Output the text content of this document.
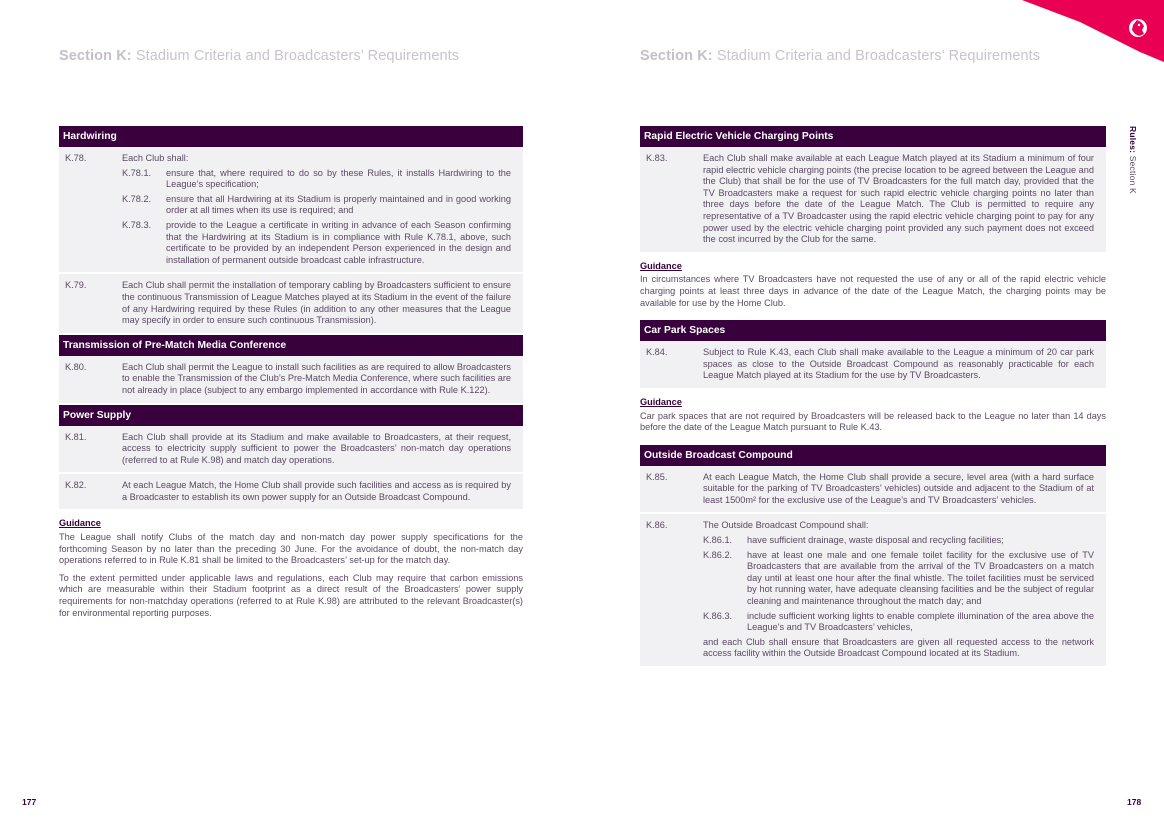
Section K: Stadium Criteria and Broadcasters’ Requirements	Section K: Stadium Criteria and Broadcasters’ Requirements
Rules: Section K
Hardwiring
K.78.	Each Club shall:
K.78.1.	ensure that, where required to do so by these Rules, it installs Hardwiring to the League’s specification;
K.78.2.	ensure that all Hardwiring at its Stadium is properly maintained and in good working order at all times when its use is required; and
K.78.3.	provide to the League a certificate in writing in advance of each Season confirming that the Hardwiring at its Stadium is in compliance with Rule K.78.1, above, such certificate to be provided by an independent Person experienced in the design and installation of permanent outside broadcast cable infrastructure.
K.79.	Each Club shall permit the installation of temporary cabling by Broadcasters sufficient to ensure the continuous Transmission of League Matches played at its Stadium in the event of the failure of any Hardwiring required by these Rules (in addition to any other measures that the League may specify in order to ensure such continuous Transmission).
Transmission of Pre-Match Media Conference
K.80.	Each Club shall permit the League to install such facilities as are required to allow Broadcasters to enable the Transmission of the Club’s Pre-Match Media Conference, where such facilities are not already in place (subject to any embargo implemented in accordance with Rule K.122).
Power Supply
K.81.	Each Club shall provide at its Stadium and make available to Broadcasters, at their request, access to electricity supply sufficient to power the Broadcasters’ non-match day operations (referred to at Rule K.98) and match day operations.
K.82.	At each League Match, the Home Club shall provide such facilities and access as is required by a Broadcaster to establish its own power supply for an Outside Broadcast Compound.
Guidance

The League shall notify Clubs of the match day and non-match day power supply specifications for the forthcoming Season by no later than the preceding 30 June. For the avoidance of doubt, the non-match day operations referred to in Rule K.81 shall be limited to the Broadcasters’ set-up for the match day.

To the extent permitted under applicable laws and regulations, each Club may require that carbon emissions which are measurable within their Stadium footprint as a direct result of the Broadcasters’ power supply requirements for non-matchday operations (referred to at Rule K.98) are attributed to the relevant Broadcaster(s) for environmental reporting purposes.

Rapid Electric Vehicle Charging Points
K.83.	Each Club shall make available at each League Match played at its Stadium a minimum of four rapid electric vehicle charging points (the precise location to be agreed between the League and the Club) that shall be for the use of TV Broadcasters for the full match day, provided that the TV Broadcasters make a request for such rapid electric vehicle charging points no later than three days before the date of the League Match. The Club is permitted to require any representative of a TV Broadcaster using the rapid electric vehicle charging point to pay for any power used by the electric vehicle charging point provided any such payment does not exceed the cost incurred by the Club for the same.
Guidance

In circumstances where TV Broadcasters have not requested the use of any or all of the rapid electric vehicle charging points at least three days in advance of the date of the League Match, the charging points may be available for use by the Home Club.

Car Park Spaces
K.84.	Subject to Rule K.43, each Club shall make available to the League a minimum of 20 car park spaces as close to the Outside Broadcast Compound as reasonably practicable for each League Match played at its Stadium for the use by TV Broadcasters.
Guidance

Car park spaces that are not required by Broadcasters will be released back to the League no later than 14 days before the date of the League Match pursuant to Rule K.43.

Outside Broadcast Compound
K.85.	At each League Match, the Home Club shall provide a secure, level area (with a hard surface suitable for the parking of TV Broadcasters’ vehicles) outside and adjacent to the Stadium of at least 1500m² for the exclusive use of the League’s and TV Broadcasters’ vehicles.
K.86.	The Outside Broadcast Compound shall:
K.86.1.	have sufficient drainage, waste disposal and recycling facilities;
K.86.2.	have at least one male and one female toilet facility for the exclusive use of TV Broadcasters that are available from the arrival of the TV Broadcasters on a match day until at least one hour after the final whistle. The toilet facilities must be serviced by hot running water, have adequate cleansing facilities and be the subject of regular cleaning and maintenance throughout the match day; and
K.86.3.	include sufficient working lights to enable complete illumination of the area above the League’s and TV Broadcasters’ vehicles,
and each Club shall ensure that Broadcasters are given all requested access to the network access facility within the Outside Broadcast Compound located at its Stadium.
177	178
